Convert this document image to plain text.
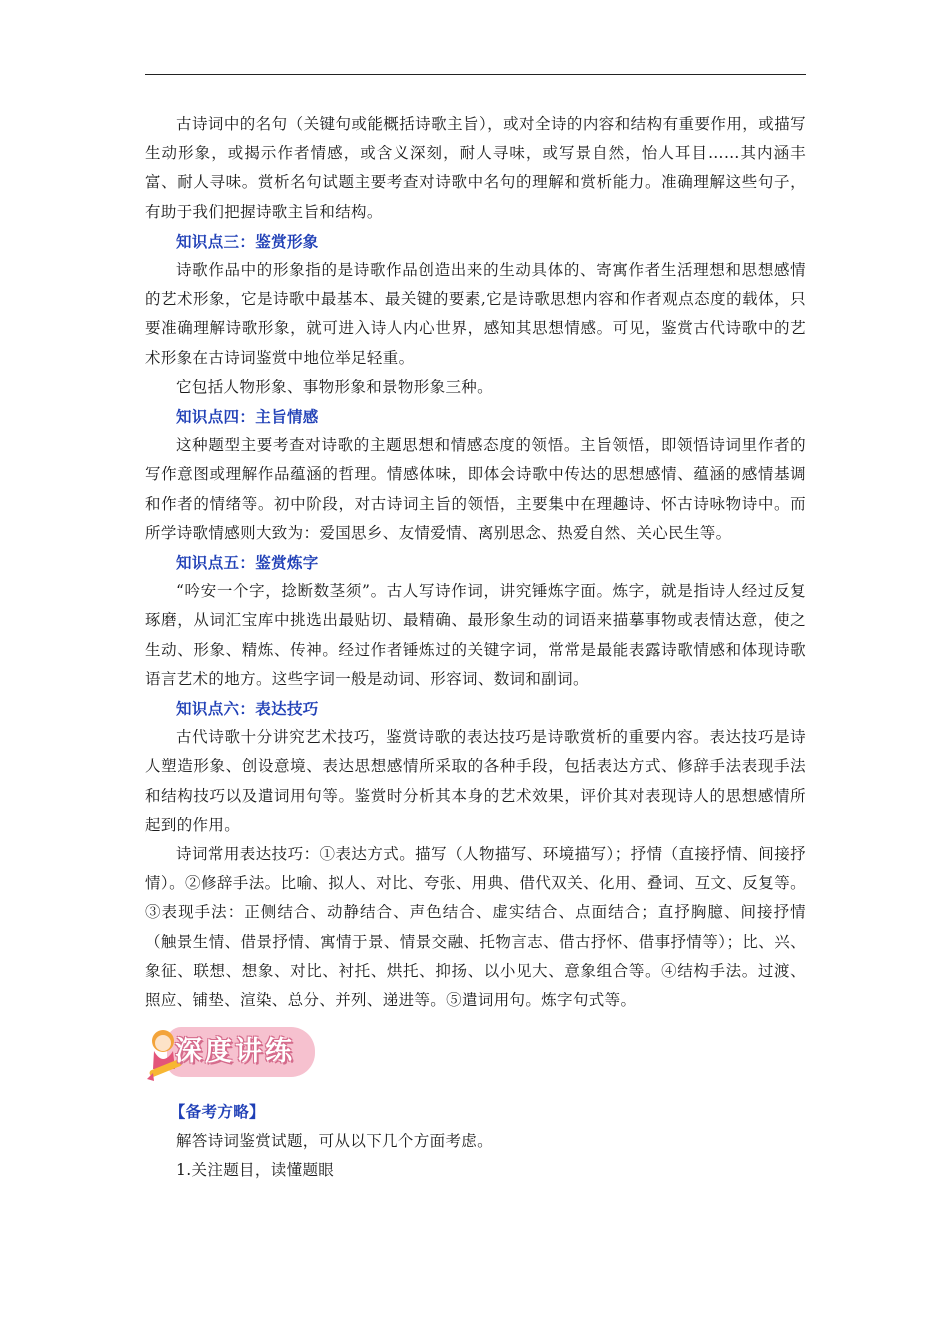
古诗词中的名句（关键句或能概括诗歌主旨），或对全诗的内容和结构有重要作用，或描写生动形象，或揭示作者情感，或含义深刻，耐人寻味，或写景自然，怡人耳目……其内涵丰富、耐人寻味。赏析名句试题主要考查对诗歌中名句的理解和赏析能力。准确理解这些句子，有助于我们把握诗歌主旨和结构。

知识点三：鉴赏形象

诗歌作品中的形象指的是诗歌作品创造出来的生动具体的、寄寓作者生活理想和思想感情的艺术形象，它是诗歌中最基本、最关键的要素,它是诗歌思想内容和作者观点态度的载体，只要准确理解诗歌形象，就可进入诗人内心世界，感知其思想情感。可见，鉴赏古代诗歌中的艺术形象在古诗词鉴赏中地位举足轻重。

它包括人物形象、事物形象和景物形象三种。

知识点四：主旨情感

这种题型主要考查对诗歌的主题思想和情感态度的领悟。主旨领悟，即领悟诗词里作者的写作意图或理解作品蕴涵的哲理。情感体味，即体会诗歌中传达的思想感情、蕴涵的感情基调和作者的情绪等。初中阶段，对古诗词主旨的领悟，主要集中在理趣诗、怀古诗咏物诗中。而所学诗歌情感则大致为：爱国思乡、友情爱情、离别思念、热爱自然、关心民生等。

知识点五：鉴赏炼字

“吟安一个字，捻断数茎须”。古人写诗作词，讲究锤炼字面。炼字，就是指诗人经过反复琢磨，从词汇宝库中挑选出最贴切、最精确、最形象生动的词语来描摹事物或表情达意，使之生动、形象、精炼、传神。经过作者锤炼过的关键字词，常常是最能表露诗歌情感和体现诗歌语言艺术的地方。这些字词一般是动词、形容词、数词和副词。

知识点六：表达技巧

古代诗歌十分讲究艺术技巧，鉴赏诗歌的表达技巧是诗歌赏析的重要内容。表达技巧是诗人塑造形象、创设意境、表达思想感情所采取的各种手段，包括表达方式、修辞手法表现手法和结构技巧以及遣词用句等。鉴赏时分析其本身的艺术效果，评价其对表现诗人的思想感情所起到的作用。

诗词常用表达技巧：①表达方式。描写（人物描写、环境描写）；抒情（直接抒情、间接抒情）。②修辞手法。比喻、拟人、对比、夸张、用典、借代双关、化用、叠词、互文、反复等。③表现手法：正侧结合、动静结合、声色结合、虚实结合、点面结合；直抒胸臆、间接抒情（触景生情、借景抒情、寓情于景、情景交融、托物言志、借古抒怀、借事抒情等）；比、兴、象征、联想、想象、对比、衬托、烘托、抑扬、以小见大、意象组合等。④结构手法。过渡、照应、铺垫、渲染、总分、并列、递进等。⑤遣词用句。炼字句式等。

深度讲练
【备考方略】

解答诗词鉴赏试题，可从以下几个方面考虑。

1.关注题目，读懂题眼
